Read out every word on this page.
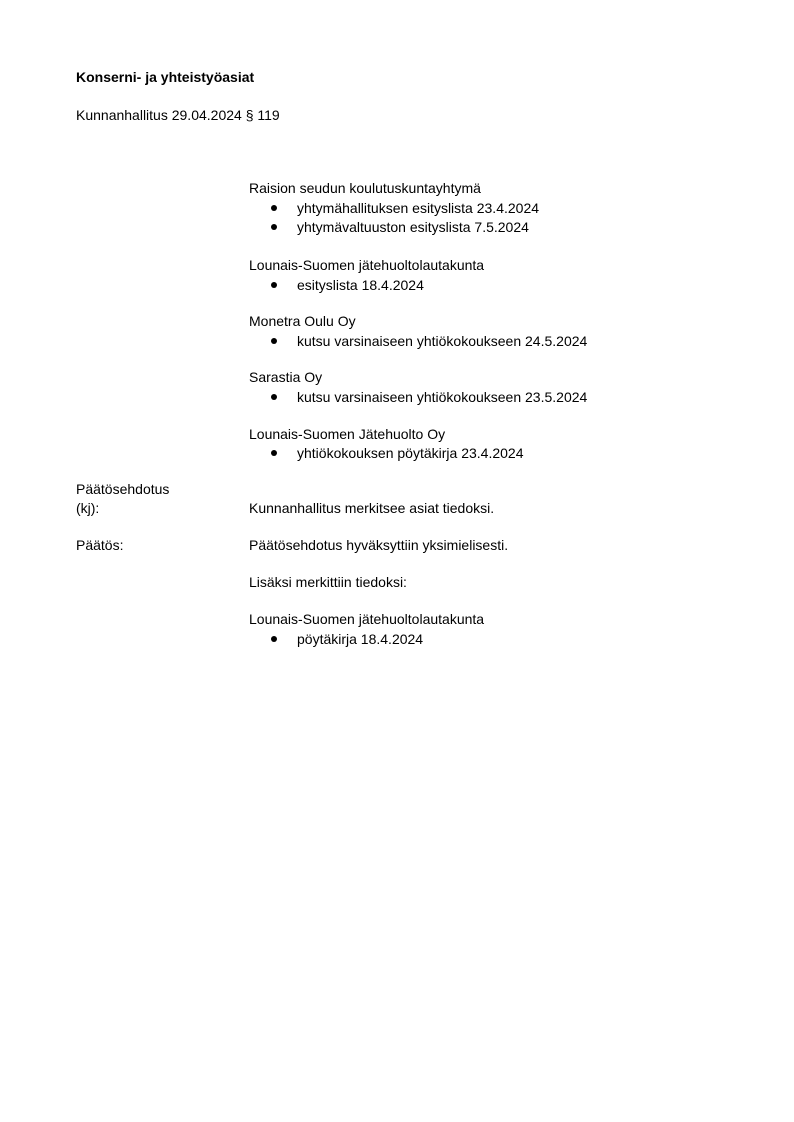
Konserni- ja yhteistyöasiat
Kunnanhallitus 29.04.2024 § 119
Raision seudun koulutuskuntayhtymä
yhtymähallituksen esityslista 23.4.2024
yhtymävaltuuston esityslista 7.5.2024
Lounais-Suomen jätehuoltolautakunta
esityslista 18.4.2024
Monetra Oulu Oy
kutsu varsinaiseen yhtiökokoukseen 24.5.2024
Sarastia Oy
kutsu varsinaiseen yhtiökokoukseen 23.5.2024
Lounais-Suomen Jätehuolto Oy
yhtiökokouksen pöytäkirja 23.4.2024
Päätösehdotus
(kj):	Kunnanhallitus merkitsee asiat tiedoksi.
Päätös:	Päätösehdotus hyväksyttiin yksimielisesti.
Lisäksi merkittiin tiedoksi:
Lounais-Suomen jätehuoltolautakunta
pöytäkirja 18.4.2024
